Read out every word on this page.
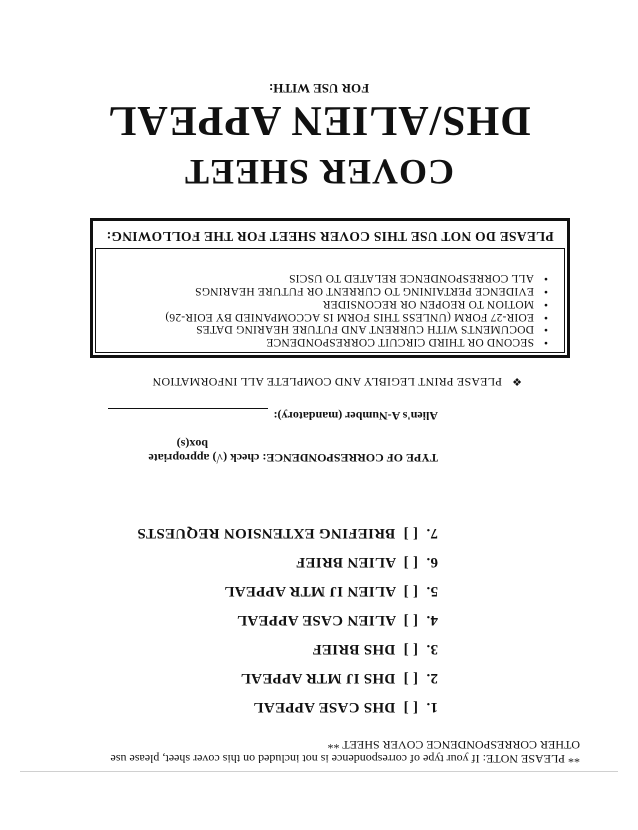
FOR USE WITH:
DHS/ALIEN APPEAL
COVER SHEET
PLEASE DO NOT USE THIS COVER SHEET FOR THE FOLLOWING:
•SECOND OR THIRD CIRCUIT CORRESPONDENCE
•DOCUMENTS WITH CURRENT AND FUTURE HEARING DATES
•EOIR-27 FORM (UNLESS THIS FORM IS ACCOMPANIED BY EOIR-26)
•MOTION TO REOPEN OR RECONSIDER
•EVIDENCE PERTAINING TO CURRENT OR FUTURE HEARINGS
•ALL CORRESPONDENCE RELATED TO USCIS
❖PLEASE PRINT LEGIBLY AND COMPLETE ALL INFORMATION
Alien's A-Number (mandatory):
TYPE OF CORRESPONDENCE: check (√) appropriate
box(s)
1.  [ ]  DHS CASE APPEAL
2.  [ ]  DHS IJ MTR APPEAL
3.  [ ]  DHS BRIEF
4.  [ ]  ALIEN CASE APPEAL
5.  [ ]  ALIEN IJ MTR APPEAL
6.  [ ]  ALIEN BRIEF
7.  [ ]  BRIEFING EXTENSION REQUESTS
** PLEASE NOTE: If your type of correspondence is not included on this cover sheet, please use
OTHER CORRESPONDENCE COVER SHEET **
